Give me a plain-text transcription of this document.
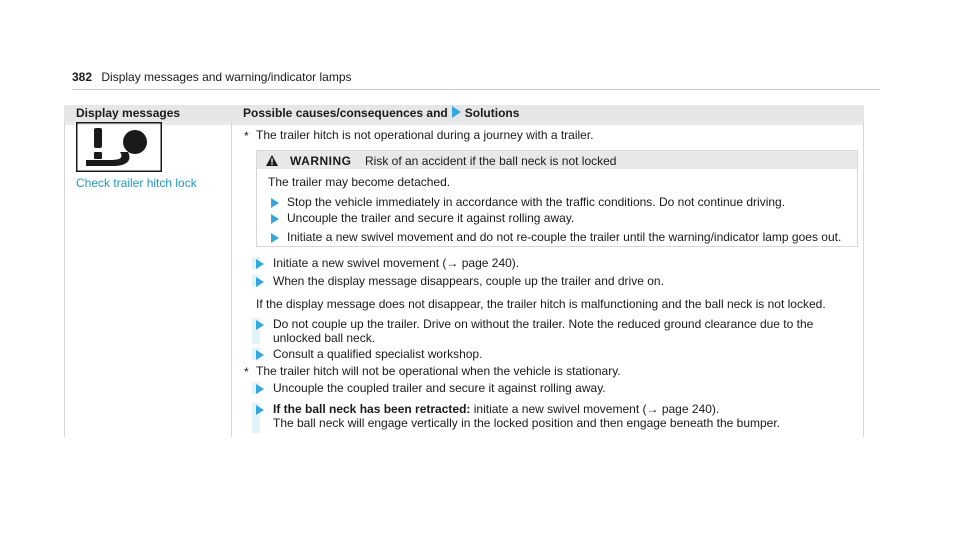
382 Display messages and warning/indicator lamps
Display messages	Possible causes/consequences and Solutions
Check trailer hitch lock
* The trailer hitch is not operational during a journey with a trailer.
WARNING Risk of an accident if the ball neck is not locked
The trailer may become detached.
Stop the vehicle immediately in accordance with the traffic conditions. Do not continue driving.
Uncouple the trailer and secure it against rolling away.
Initiate a new swivel movement and do not re-couple the trailer until the warning/indicator lamp goes out.
Initiate a new swivel movement (→ page 240).
When the display message disappears, couple up the trailer and drive on.
If the display message does not disappear, the trailer hitch is malfunctioning and the ball neck is not locked.
Do not couple up the trailer. Drive on without the trailer. Note the reduced ground clearance due to the
unlocked ball neck.
Consult a qualified specialist workshop.
* The trailer hitch will not be operational when the vehicle is stationary.
Uncouple the coupled trailer and secure it against rolling away.
If the ball neck has been retracted: initiate a new swivel movement (→ page 240).
The ball neck will engage vertically in the locked position and then engage beneath the bumper.
